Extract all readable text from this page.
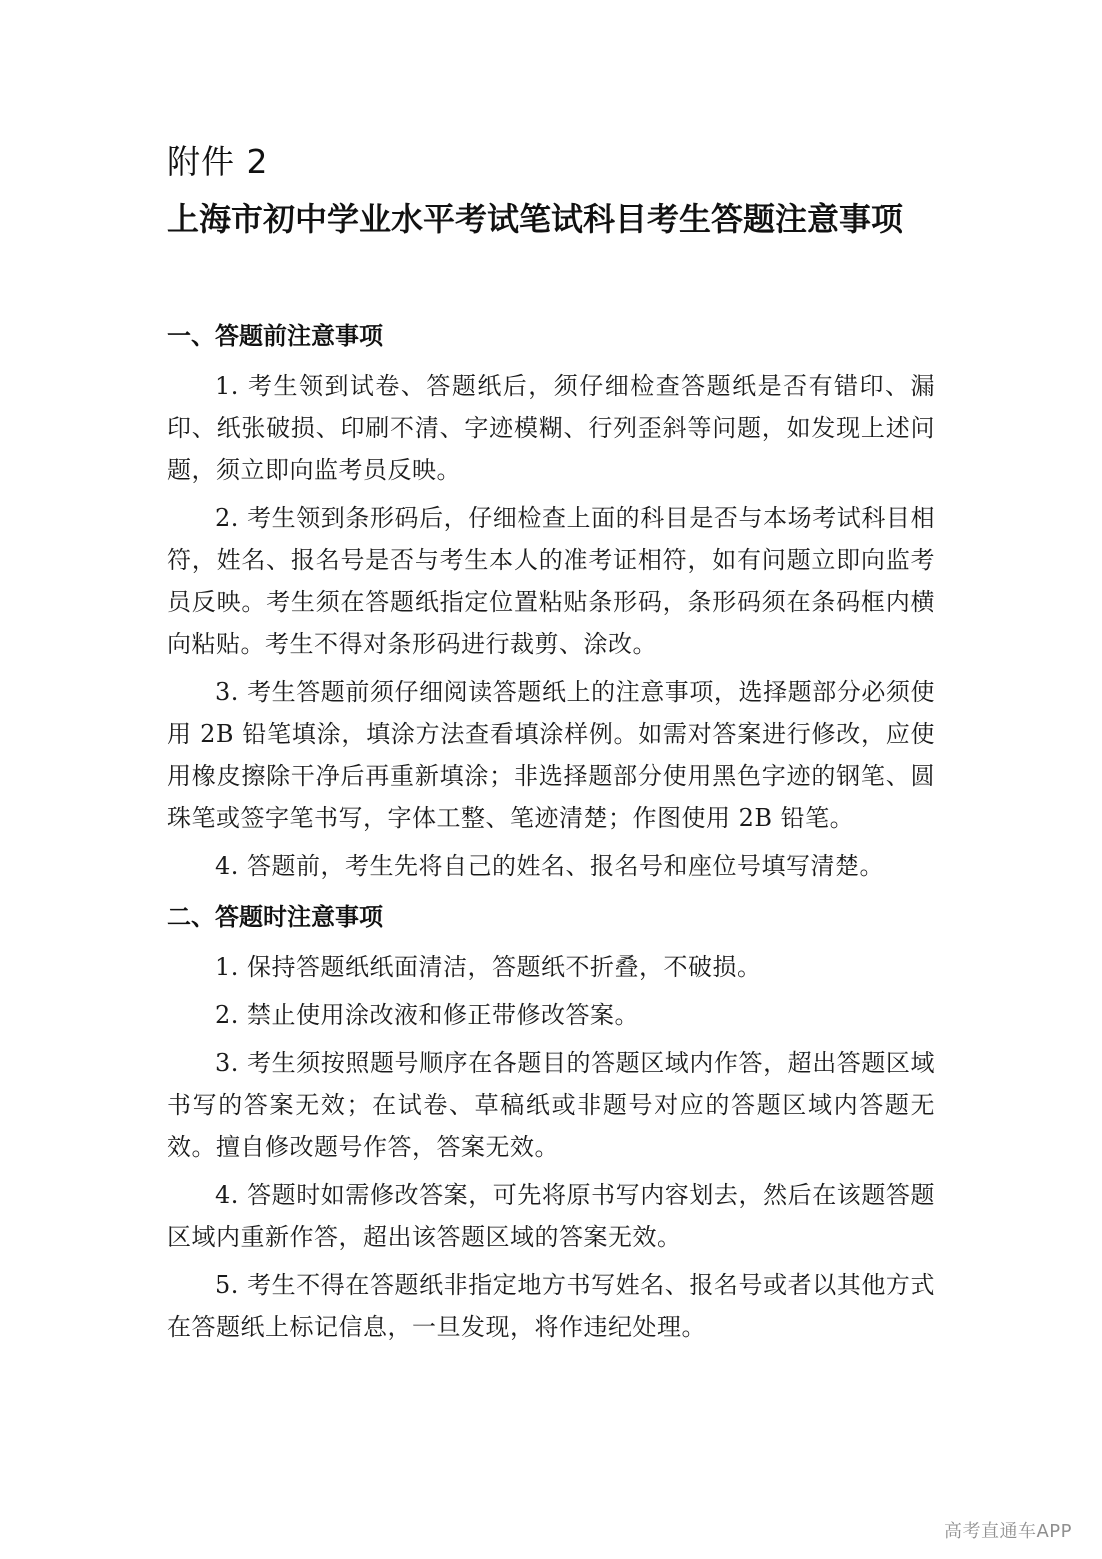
附件 2
上海市初中学业水平考试笔试科目考生答题注意事项
一、答题前注意事项

1. 考生领到试卷、答题纸后，须仔细检查答题纸是否有错印、漏印、纸张破损、印刷不清、字迹模糊、行列歪斜等问题，如发现上述问题，须立即向监考员反映。

2. 考生领到条形码后，仔细检查上面的科目是否与本场考试科目相符，姓名、报名号是否与考生本人的准考证相符，如有问题立即向监考员反映。考生须在答题纸指定位置粘贴条形码，条形码须在条码框内横向粘贴。考生不得对条形码进行裁剪、涂改。

3. 考生答题前须仔细阅读答题纸上的注意事项，选择题部分必须使用 2B 铅笔填涂，填涂方法查看填涂样例。如需对答案进行修改，应使用橡皮擦除干净后再重新填涂；非选择题部分使用黑色字迹的钢笔、圆珠笔或签字笔书写，字体工整、笔迹清楚；作图使用 2B 铅笔。

4. 答题前，考生先将自己的姓名、报名号和座位号填写清楚。

二、答题时注意事项

1. 保持答题纸纸面清洁，答题纸不折叠，不破损。

2. 禁止使用涂改液和修正带修改答案。

3. 考生须按照题号顺序在各题目的答题区域内作答，超出答题区域书写的答案无效；在试卷、草稿纸或非题号对应的答题区域内答题无效。擅自修改题号作答，答案无效。

4. 答题时如需修改答案，可先将原书写内容划去，然后在该题答题区域内重新作答，超出该答题区域的答案无效。

5. 考生不得在答题纸非指定地方书写姓名、报名号或者以其他方式在答题纸上标记信息，一旦发现，将作违纪处理。

高考直通车APP
